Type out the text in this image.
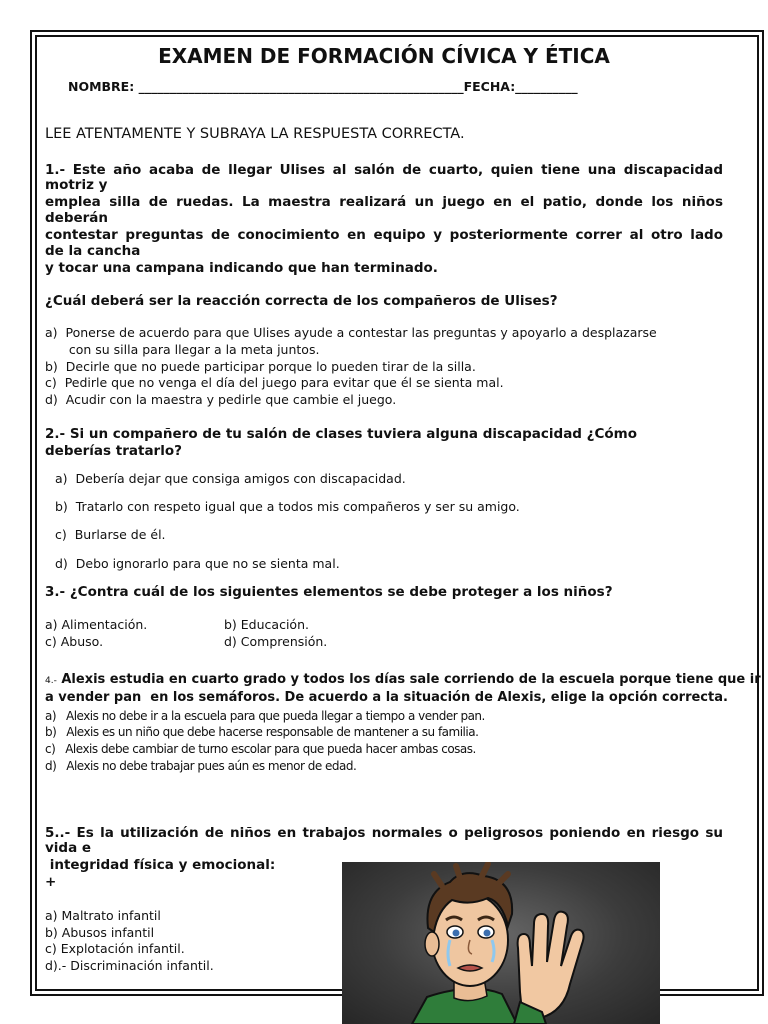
EXAMEN DE FORMACIÓN CÍVICA Y ÉTICA
NOMBRE: ____________________________________________________FECHA:__________
LEE ATENTAMENTE Y SUBRAYA LA RESPUESTA CORRECTA.
1.- Este año acaba de llegar Ulises al salón de cuarto, quien tiene una discapacidad
motriz y
emplea silla de ruedas. La maestra realizará un juego en el patio, donde los niños
deberán
contestar preguntas de conocimiento en equipo y posteriormente correr al otro lado
de la cancha
y tocar una campana indicando que han terminado.
¿Cuál deberá ser la reacción correcta de los compañeros de Ulises?
a)  Ponerse de acuerdo para que Ulises ayude a contestar las preguntas y apoyarlo a desplazarse
con su silla para llegar a la meta juntos.
b)  Decirle que no puede participar porque lo pueden tirar de la silla.
c)  Pedirle que no venga el día del juego para evitar que él se sienta mal.
d)  Acudir con la maestra y pedirle que cambie el juego.
2.- Si un compañero de tu salón de clases tuviera alguna discapacidad ¿Cómo
deberías tratarlo?
a)  Debería dejar que consiga amigos con discapacidad.
b)  Tratarlo con respeto igual que a todos mis compañeros y ser su amigo.
c)  Burlarse de él.
d)  Debo ignorarlo para que no se sienta mal.
3.- ¿Contra cuál de los siguientes elementos se debe proteger a los niños?
a) Alimentación.	b) Educación.
c) Abuso.	d) Comprensión.
4.- Alexis estudia en cuarto grado y todos los días sale corriendo de la escuela porque tiene que ir
a vender pan  en los semáforos. De acuerdo a la situación de Alexis, elige la opción correcta.
a)   Alexis no debe ir a la escuela para que pueda llegar a tiempo a vender pan.
b)   Alexis es un niño que debe hacerse responsable de mantener a su familia.
c)   Alexis debe cambiar de turno escolar para que pueda hacer ambas cosas.
d)   Alexis no debe trabajar pues aún es menor de edad.
5..- Es la utilización de niños en trabajos normales o peligrosos poniendo en riesgo su
vida e
integridad física y emocional:
+
a) Maltrato infantil
b) Abusos infantil
c) Explotación infantil.
d).- Discriminación infantil.
